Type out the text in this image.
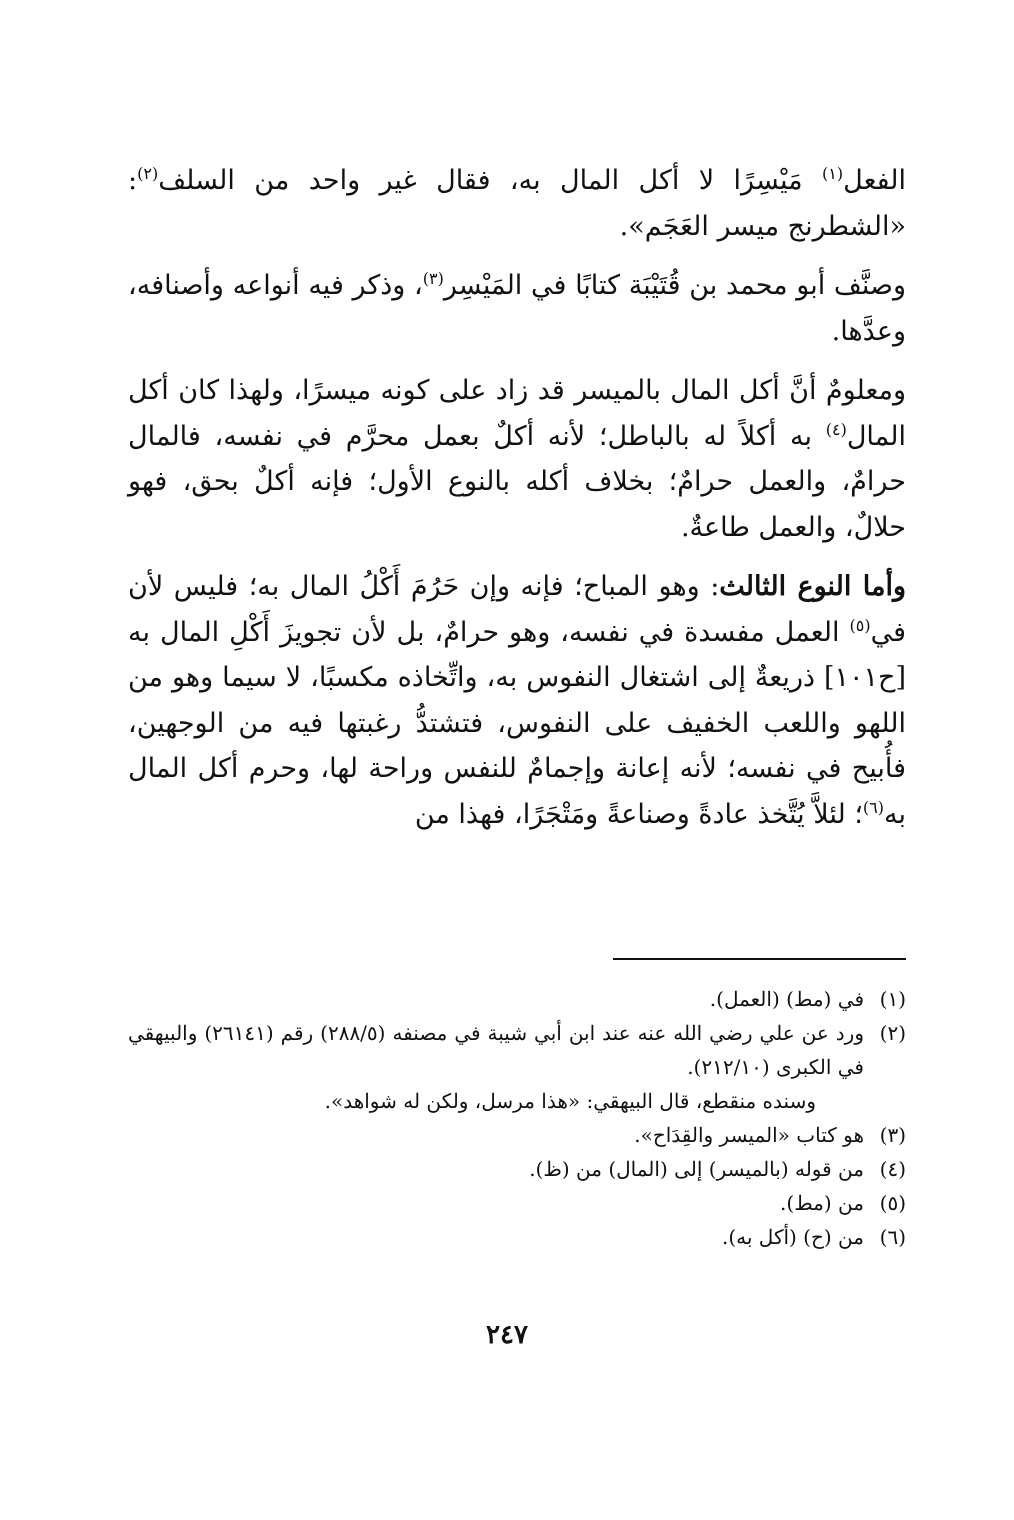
الفعل$^{(١)}$ مَيْسِرًا لا أكل المال به، فقال غير واحد من السلف$^{(٢)}$: «الشطرنج ميسر العَجَم».

وصنَّف أبو محمد بن قُتَيْبَة كتابًا في المَيْسِر$^{(٣)}$، وذكر فيه أنواعه وأصنافه، وعدَّها.

ومعلومٌ أنَّ أكل المال بالميسر قد زاد على كونه ميسرًا، ولهذا كان أكل المال$^{(٤)}$ به أكلاً له بالباطل؛ لأنه أكلٌ بعمل محرَّم في نفسه، فالمال حرامٌ، والعمل حرامٌ؛ بخلاف أكله بالنوع الأول؛ فإنه أكلٌ بحق، فهو حلالٌ، والعمل طاعةٌ.

وأما النوع الثالث: وهو المباح؛ فإنه وإن حَرُمَ أَكْلُ المال به؛ فليس لأن في$^{(٥)}$ العمل مفسدة في نفسه، وهو حرامٌ، بل لأن تجويزَ أَكْلِ المال به [ح١٠١] ذريعةٌ إلى اشتغال النفوس به، واتِّخاذه مكسبًا، لا سيما وهو من اللهو واللعب الخفيف على النفوس، فتشتدُّ رغبتها فيه من الوجهين، فأُبيح في نفسه؛ لأنه إعانة وإجمامٌ للنفس وراحة لها، وحرم أكل المال به$^{(٦)}$؛ لئلاَّ يُتَّخذ عادةً وصناعةً ومَتْجَرًا، فهذا من

(١)
في (مط) (العمل).
(٢)
ورد عن علي رضي الله عنه عند ابن أبي شيبة في مصنفه (٢٨٨/٥) رقم (٢٦١٤١) والبيهقي في الكبرى (٢١٢/١٠).
وسنده منقطع، قال البيهقي: «هذا مرسل، ولكن له شواهد».
(٣)
هو كتاب «الميسر والقِدَاح».
(٤)
من قوله (بالميسر) إلى (المال) من (ظ).
(٥)
من (مط).
(٦)
من (ح) (أكل به).
٢٤٧
